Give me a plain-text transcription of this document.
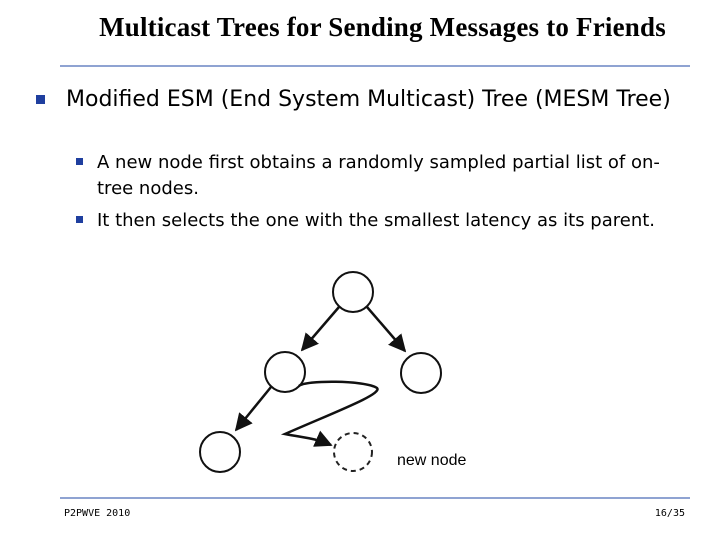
Multicast Trees for Sending Messages to Friends
Modified ESM (End System Multicast) Tree (MESM Tree)
A new node first obtains a randomly sampled partial list of on-tree nodes.
It then selects the one with the smallest latency as its parent.
new node
P2PWVE 2010	16/35
